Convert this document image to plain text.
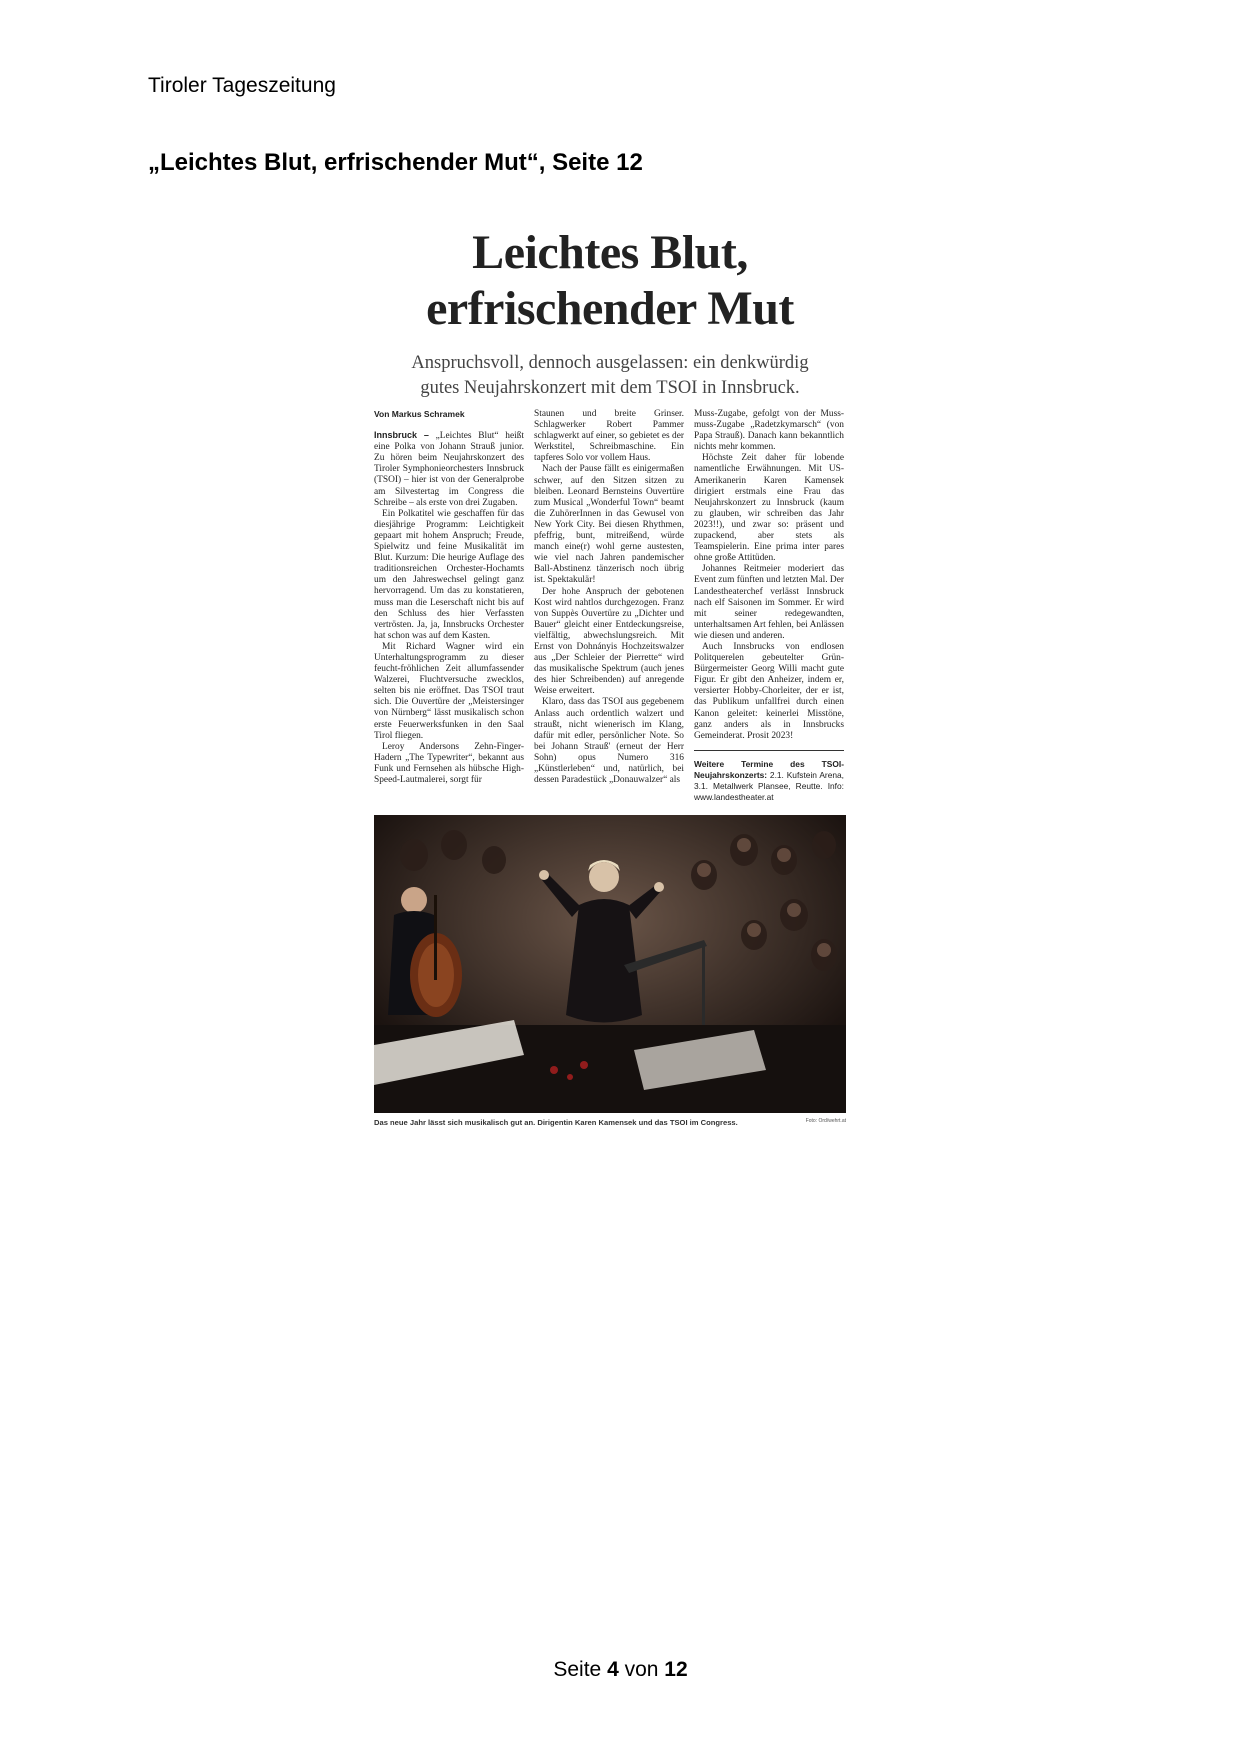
Tiroler Tageszeitung
„Leichtes Blut, erfrischender Mut“, Seite 12
Leichtes Blut,
erfrischender Mut
Anspruchsvoll, dennoch ausgelassen: ein denkwürdig
gutes Neujahrskonzert mit dem TSOI in Innsbruck.
Von Markus Schramek

Innsbruck – „Leichtes Blut“ heißt eine Polka von Johann Strauß junior. Zu hören beim Neujahrskonzert des Tiroler Symphonieorchesters Innsbruck (TSOI) – hier ist von der Generalprobe am Silvestertag im Congress die Schreibe – als erste von drei Zugaben.

Ein Polkatitel wie geschaffen für das diesjährige Programm: Leichtigkeit gepaart mit hohem Anspruch; Freude, Spielwitz und feine Musikalität im Blut. Kurzum: Die heurige Auflage des traditionsreichen Orchester-Hochamts um den Jahreswechsel gelingt ganz hervorragend. Um das zu konstatieren, muss man die Leserschaft nicht bis auf den Schluss des hier Verfassten vertrösten. Ja, ja, Innsbrucks Orchester hat schon was auf dem Kasten.

Mit Richard Wagner wird ein Unterhaltungsprogramm zu dieser feucht-fröhlichen Zeit allumfassender Walzerei, Fluchtversuche zwecklos, selten bis nie eröffnet. Das TSOI traut sich. Die Ouvertüre der „Meistersinger von Nürnberg“ lässt musikalisch schon erste Feuerwerksfunken in den Saal Tirol fliegen.

Leroy Andersons Zehn-Finger-Hadern „The Typewriter“, bekannt aus Funk und Fernsehen als hübsche High-Speed-Lautmalerei, sorgt für

Staunen und breite Grinser. Schlagwerker Robert Pammer schlagwerkt auf einer, so gebietet es der Werkstitel, Schreibmaschine. Ein tapferes Solo vor vollem Haus.

Nach der Pause fällt es einigermaßen schwer, auf den Sitzen sitzen zu bleiben. Leonard Bernsteins Ouvertüre zum Musical „Wonderful Town“ beamt die ZuhörerInnen in das Gewusel von New York City. Bei diesen Rhythmen, pfeffrig, bunt, mitreißend, würde manch eine(r) wohl gerne austesten, wie viel nach Jahren pandemischer Ball-Abstinenz tänzerisch noch übrig ist. Spektakulär!

Der hohe Anspruch der gebotenen Kost wird nahtlos durchgezogen. Franz von Suppès Ouvertüre zu „Dichter und Bauer“ gleicht einer Entdeckungsreise, vielfältig, abwechslungsreich. Mit Ernst von Dohnányis Hochzeitswalzer aus „Der Schleier der Pierrette“ wird das musikalische Spektrum (auch jenes des hier Schreibenden) auf anregende Weise erweitert.

Klaro, dass das TSOI aus gegebenem Anlass auch ordentlich walzert und straußt, nicht wienerisch im Klang, dafür mit edler, persönlicher Note. So bei Johann Strauß' (erneut der Herr Sohn) opus Numero 316 „Künstlerleben“ und, natürlich, bei dessen Paradestück „Donauwalzer“ als

Muss-Zugabe, gefolgt von der Muss-muss-Zugabe „Radetzkymarsch“ (von Papa Strauß). Danach kann bekanntlich nichts mehr kommen.

Höchste Zeit daher für lobende namentliche Erwähnungen. Mit US-Amerikanerin Karen Kamensek dirigiert erstmals eine Frau das Neujahrskonzert zu Innsbruck (kaum zu glauben, wir schreiben das Jahr 2023!!), und zwar so: präsent und zupackend, aber stets als Teamspielerin. Eine prima inter pares ohne große Attitüden.

Johannes Reitmeier moderiert das Event zum fünften und letzten Mal. Der Landestheaterchef verlässt Innsbruck nach elf Saisonen im Sommer. Er wird mit seiner redegewandten, unterhaltsamen Art fehlen, bei Anlässen wie diesen und anderen.

Auch Innsbrucks von endlosen Politquerelen gebeutelter Grün-Bürgermeister Georg Willi macht gute Figur. Er gibt den Anheizer, indem er, versierter Hobby-Chorleiter, der er ist, das Publikum unfallfrei durch einen Kanon geleitet: keinerlei Misstöne, ganz anders als in Innsbrucks Gemeinderat. Prosit 2023!

Weitere Termine des TSOI-Neujahrskonzerts: 2.1. Kufstein Arena, 3.1. Metallwerk Plansee, Reutte. Info: www.landestheater.at
Das neue Jahr lässt sich musikalisch gut an. Dirigentin Karen Kamensek und das TSOI im Congress.	Foto: Ord/wehrt.at
Seite 4 von 12
